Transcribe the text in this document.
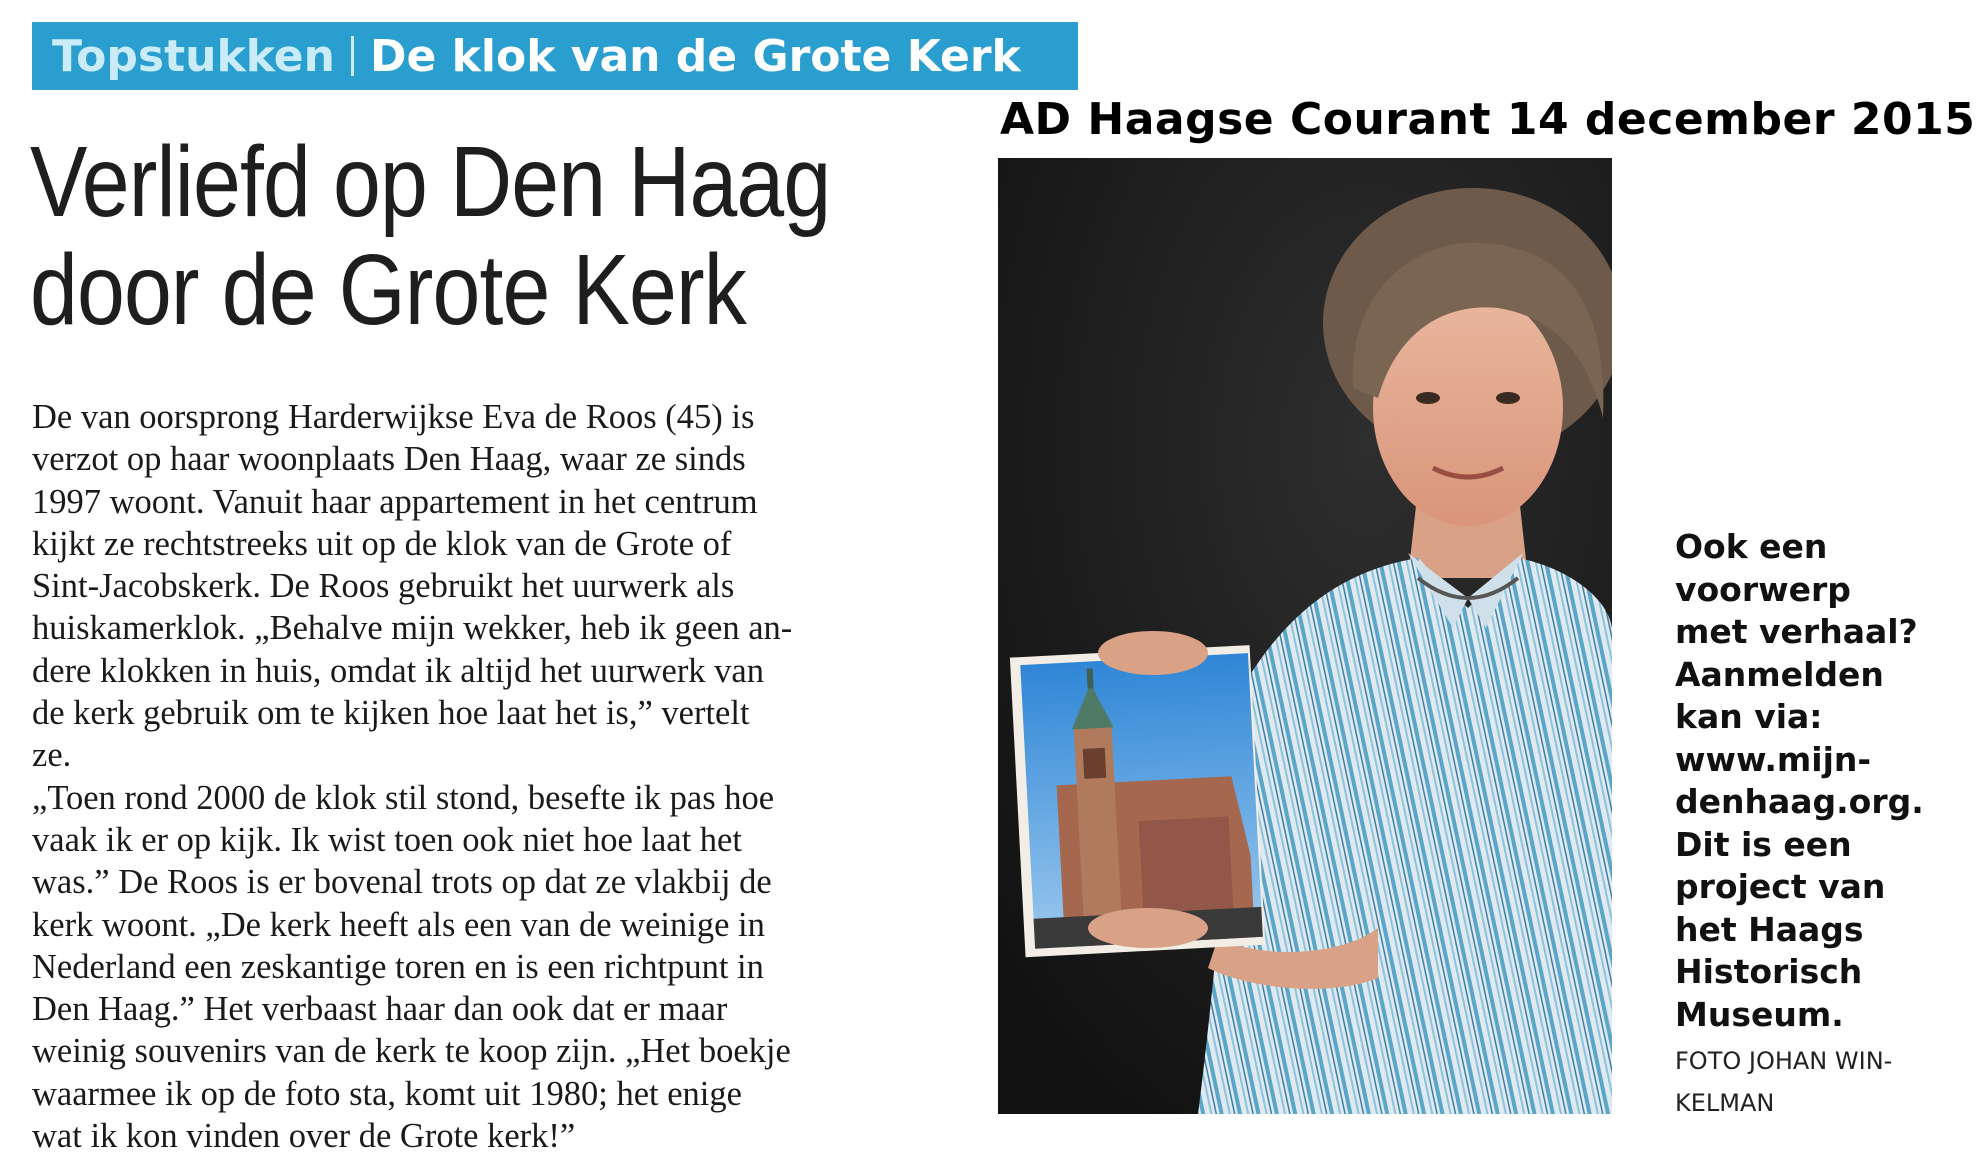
Topstukken De klok van de Grote Kerk
AD Haagse Courant 14 december 2015
Verliefd op Den Haag
door de Grote Kerk
De van oorsprong Harderwijkse Eva de Roos (45) is
verzot op haar woonplaats Den Haag, waar ze sinds
1997 woont. Vanuit haar appartement in het centrum
kijkt ze rechtstreeks uit op de klok van de Grote of
Sint-Jacobskerk. De Roos gebruikt het uurwerk als
huiskamerklok. „Behalve mijn wekker, heb ik geen an-
dere klokken in huis, omdat ik altijd het uurwerk van
de kerk gebruik om te kijken hoe laat het is,” vertelt
ze.
„Toen rond 2000 de klok stil stond, besefte ik pas hoe
vaak ik er op kijk. Ik wist toen ook niet hoe laat het
was.” De Roos is er bovenal trots op dat ze vlakbij de
kerk woont. „De kerk heeft als een van de weinige in
Nederland een zeskantige toren en is een richtpunt in
Den Haag.” Het verbaast haar dan ook dat er maar
weinig souvenirs van de kerk te koop zijn. „Het boekje
waarmee ik op de foto sta, komt uit 1980; het enige
wat ik kon vinden over de Grote kerk!”
Ook een
voorwerp
met verhaal?
Aanmelden
kan via:
www.mijn-
denhaag.org.
Dit is een
project van
het Haags
Historisch
Museum.
FOTO JOHAN WIN-
KELMAN
